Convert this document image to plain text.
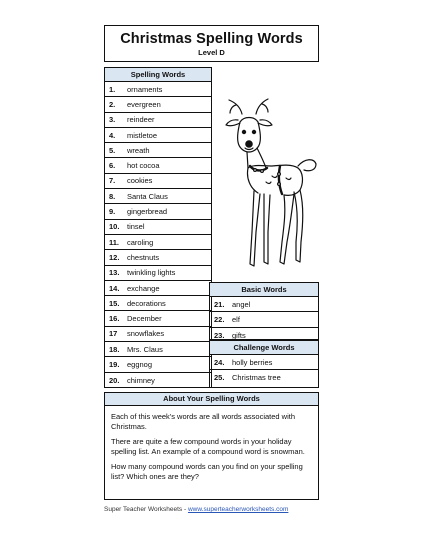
Christmas Spelling Words
Level D
Spelling Words
1.	ornaments
2.	evergreen
3.	reindeer
4.	mistletoe
5.	wreath
6.	hot cocoa
7.	cookies
8.	Santa Claus
9.	gingerbread
10.	tinsel
11.	caroling
12.	chestnuts
13.	twinkling lights
14.	exchange
15.	decorations
16.	December
17	snowflakes
18.	Mrs. Claus
19.	eggnog
20.	chimney
Basic Words
21.	angel
22.	elf
23.	gifts
Challenge Words
24.	holly berries
25.	Christmas tree
About Your Spelling Words

Each of this week's words are all words associated with Christmas.

There are quite a few compound words in your holiday spelling list. An example of a compound word is snowman.

How many compound words can you find on your spelling list? Which ones are they?

Super Teacher Worksheets - www.superteacherworksheets.com
